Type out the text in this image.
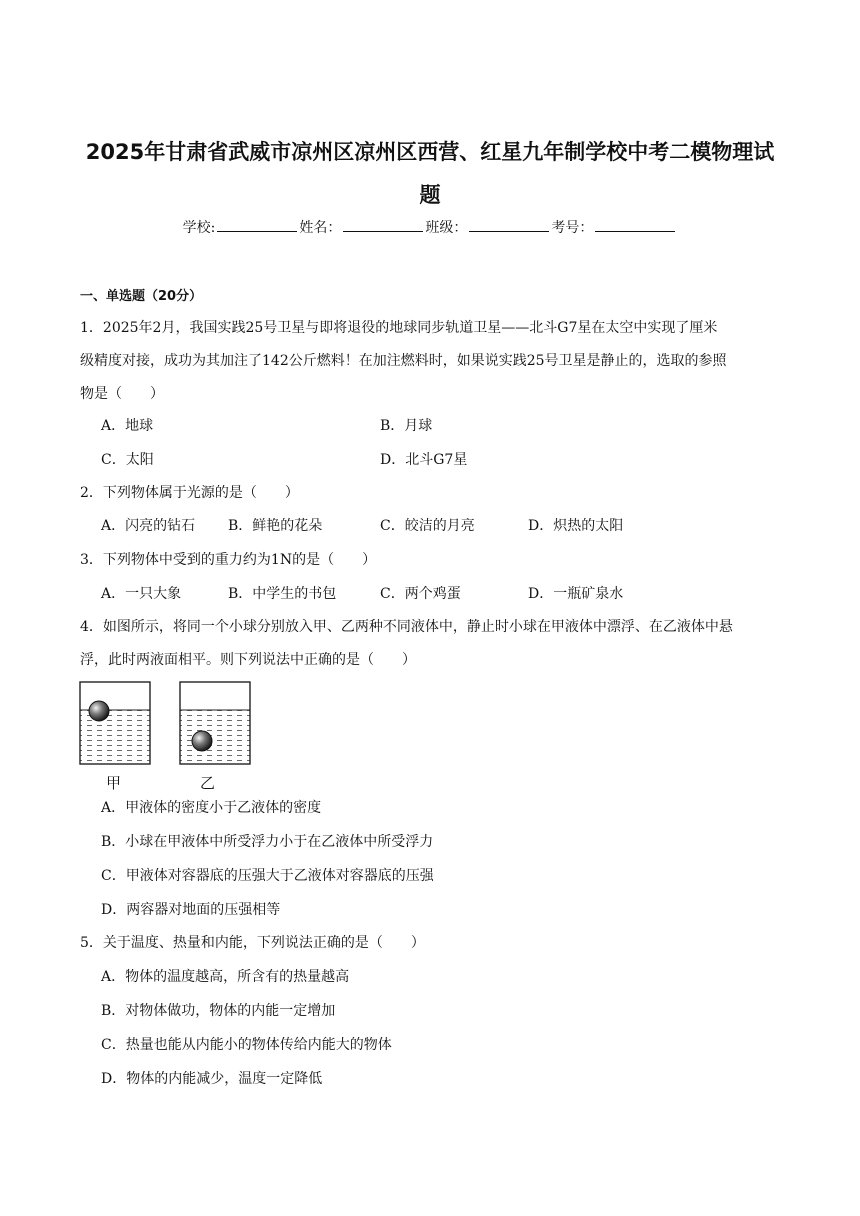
2025年甘肃省武威市凉州区凉州区西营、红星九年制学校中考二模物理试
题
学校:	姓名：	班级：	考号：
一、单选题（20分）
1．2025年2月，我国实践25号卫星与即将退役的地球同步轨道卫星——北斗G7星在太空中实现了厘米
级精度对接，成功为其加注了142公斤燃料！在加注燃料时，如果说实践25号卫星是静止的，选取的参照
物是（　　）
A．地球	B．月球
C．太阳	D．北斗G7星
2．下列物体属于光源的是（　　）
A．闪亮的钻石 B．鲜艳的花朵	C．皎洁的月亮	D．炽热的太阳
3．下列物体中受到的重力约为1N的是（　　）
A．一只大象	B．中学生的书包	C．两个鸡蛋	D．一瓶矿泉水
4．如图所示，将同一个小球分别放入甲、乙两种不同液体中，静止时小球在甲液体中漂浮、在乙液体中悬
浮，此时两液面相平。则下列说法中正确的是（　　）
甲	乙
A．甲液体的密度小于乙液体的密度
B．小球在甲液体中所受浮力小于在乙液体中所受浮力
C．甲液体对容器底的压强大于乙液体对容器底的压强
D．两容器对地面的压强相等
5．关于温度、热量和内能，下列说法正确的是（　　）
A．物体的温度越高，所含有的热量越高
B．对物体做功，物体的内能一定增加
C．热量也能从内能小的物体传给内能大的物体
D．物体的内能减少，温度一定降低
